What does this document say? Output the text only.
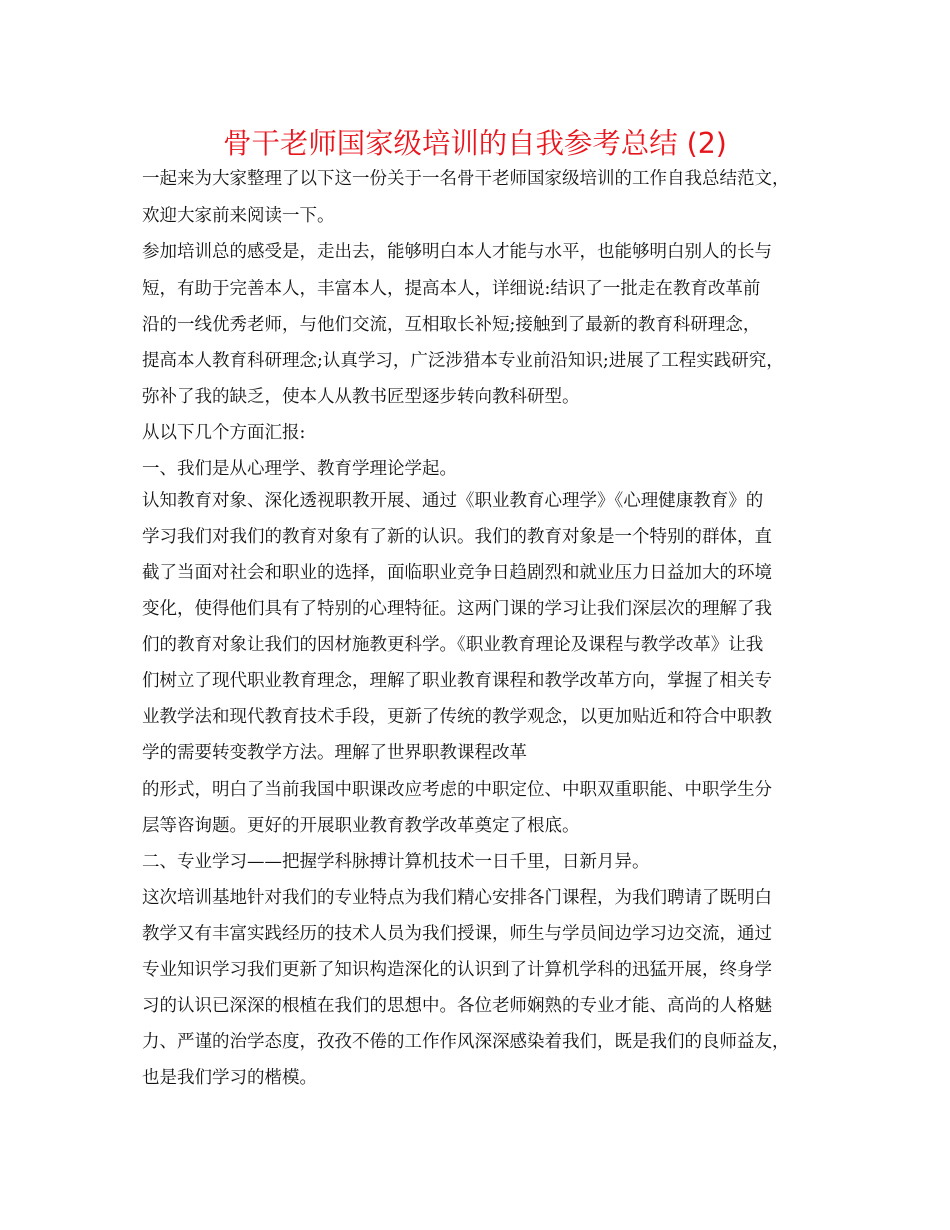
骨干老师国家级培训的自我参考总结 (2)
一起来为大家整理了以下这一份关于一名骨干老师国家级培训的工作自我总结范文，
欢迎大家前来阅读一下。
参加培训总的感受是，走出去，能够明白本人才能与水平，也能够明白别人的长与
短，有助于完善本人，丰富本人，提高本人，详细说:结识了一批走在教育改革前
沿的一线优秀老师，与他们交流，互相取长补短;接触到了最新的教育科研理念，
提高本人教育科研理念;认真学习，广泛涉猎本专业前沿知识;进展了工程实践研究，
弥补了我的缺乏，使本人从教书匠型逐步转向教科研型。
从以下几个方面汇报:
一、我们是从心理学、教育学理论学起。
认知教育对象、深化透视职教开展、通过《职业教育心理学》《心理健康教育》的
学习我们对我们的教育对象有了新的认识。我们的教育对象是一个特别的群体，直
截了当面对社会和职业的选择，面临职业竞争日趋剧烈和就业压力日益加大的环境
变化，使得他们具有了特别的心理特征。这两门课的学习让我们深层次的理解了我
们的教育对象让我们的因材施教更科学。《职业教育理论及课程与教学改革》让我
们树立了现代职业教育理念，理解了职业教育课程和教学改革方向，掌握了相关专
业教学法和现代教育技术手段，更新了传统的教学观念，以更加贴近和符合中职教
学的需要转变教学方法。理解了世界职教课程改革
的形式，明白了当前我国中职课改应考虑的中职定位、中职双重职能、中职学生分
层等咨询题。更好的开展职业教育教学改革奠定了根底。
二、专业学习——把握学科脉搏计算机技术一日千里，日新月异。
这次培训基地针对我们的专业特点为我们精心安排各门课程，为我们聘请了既明白
教学又有丰富实践经历的技术人员为我们授课，师生与学员间边学习边交流，通过
专业知识学习我们更新了知识构造深化的认识到了计算机学科的迅猛开展，终身学
习的认识已深深的根植在我们的思想中。各位老师娴熟的专业才能、高尚的人格魅
力、严谨的治学态度，孜孜不倦的工作作风深深感染着我们，既是我们的良师益友，
也是我们学习的楷模。
